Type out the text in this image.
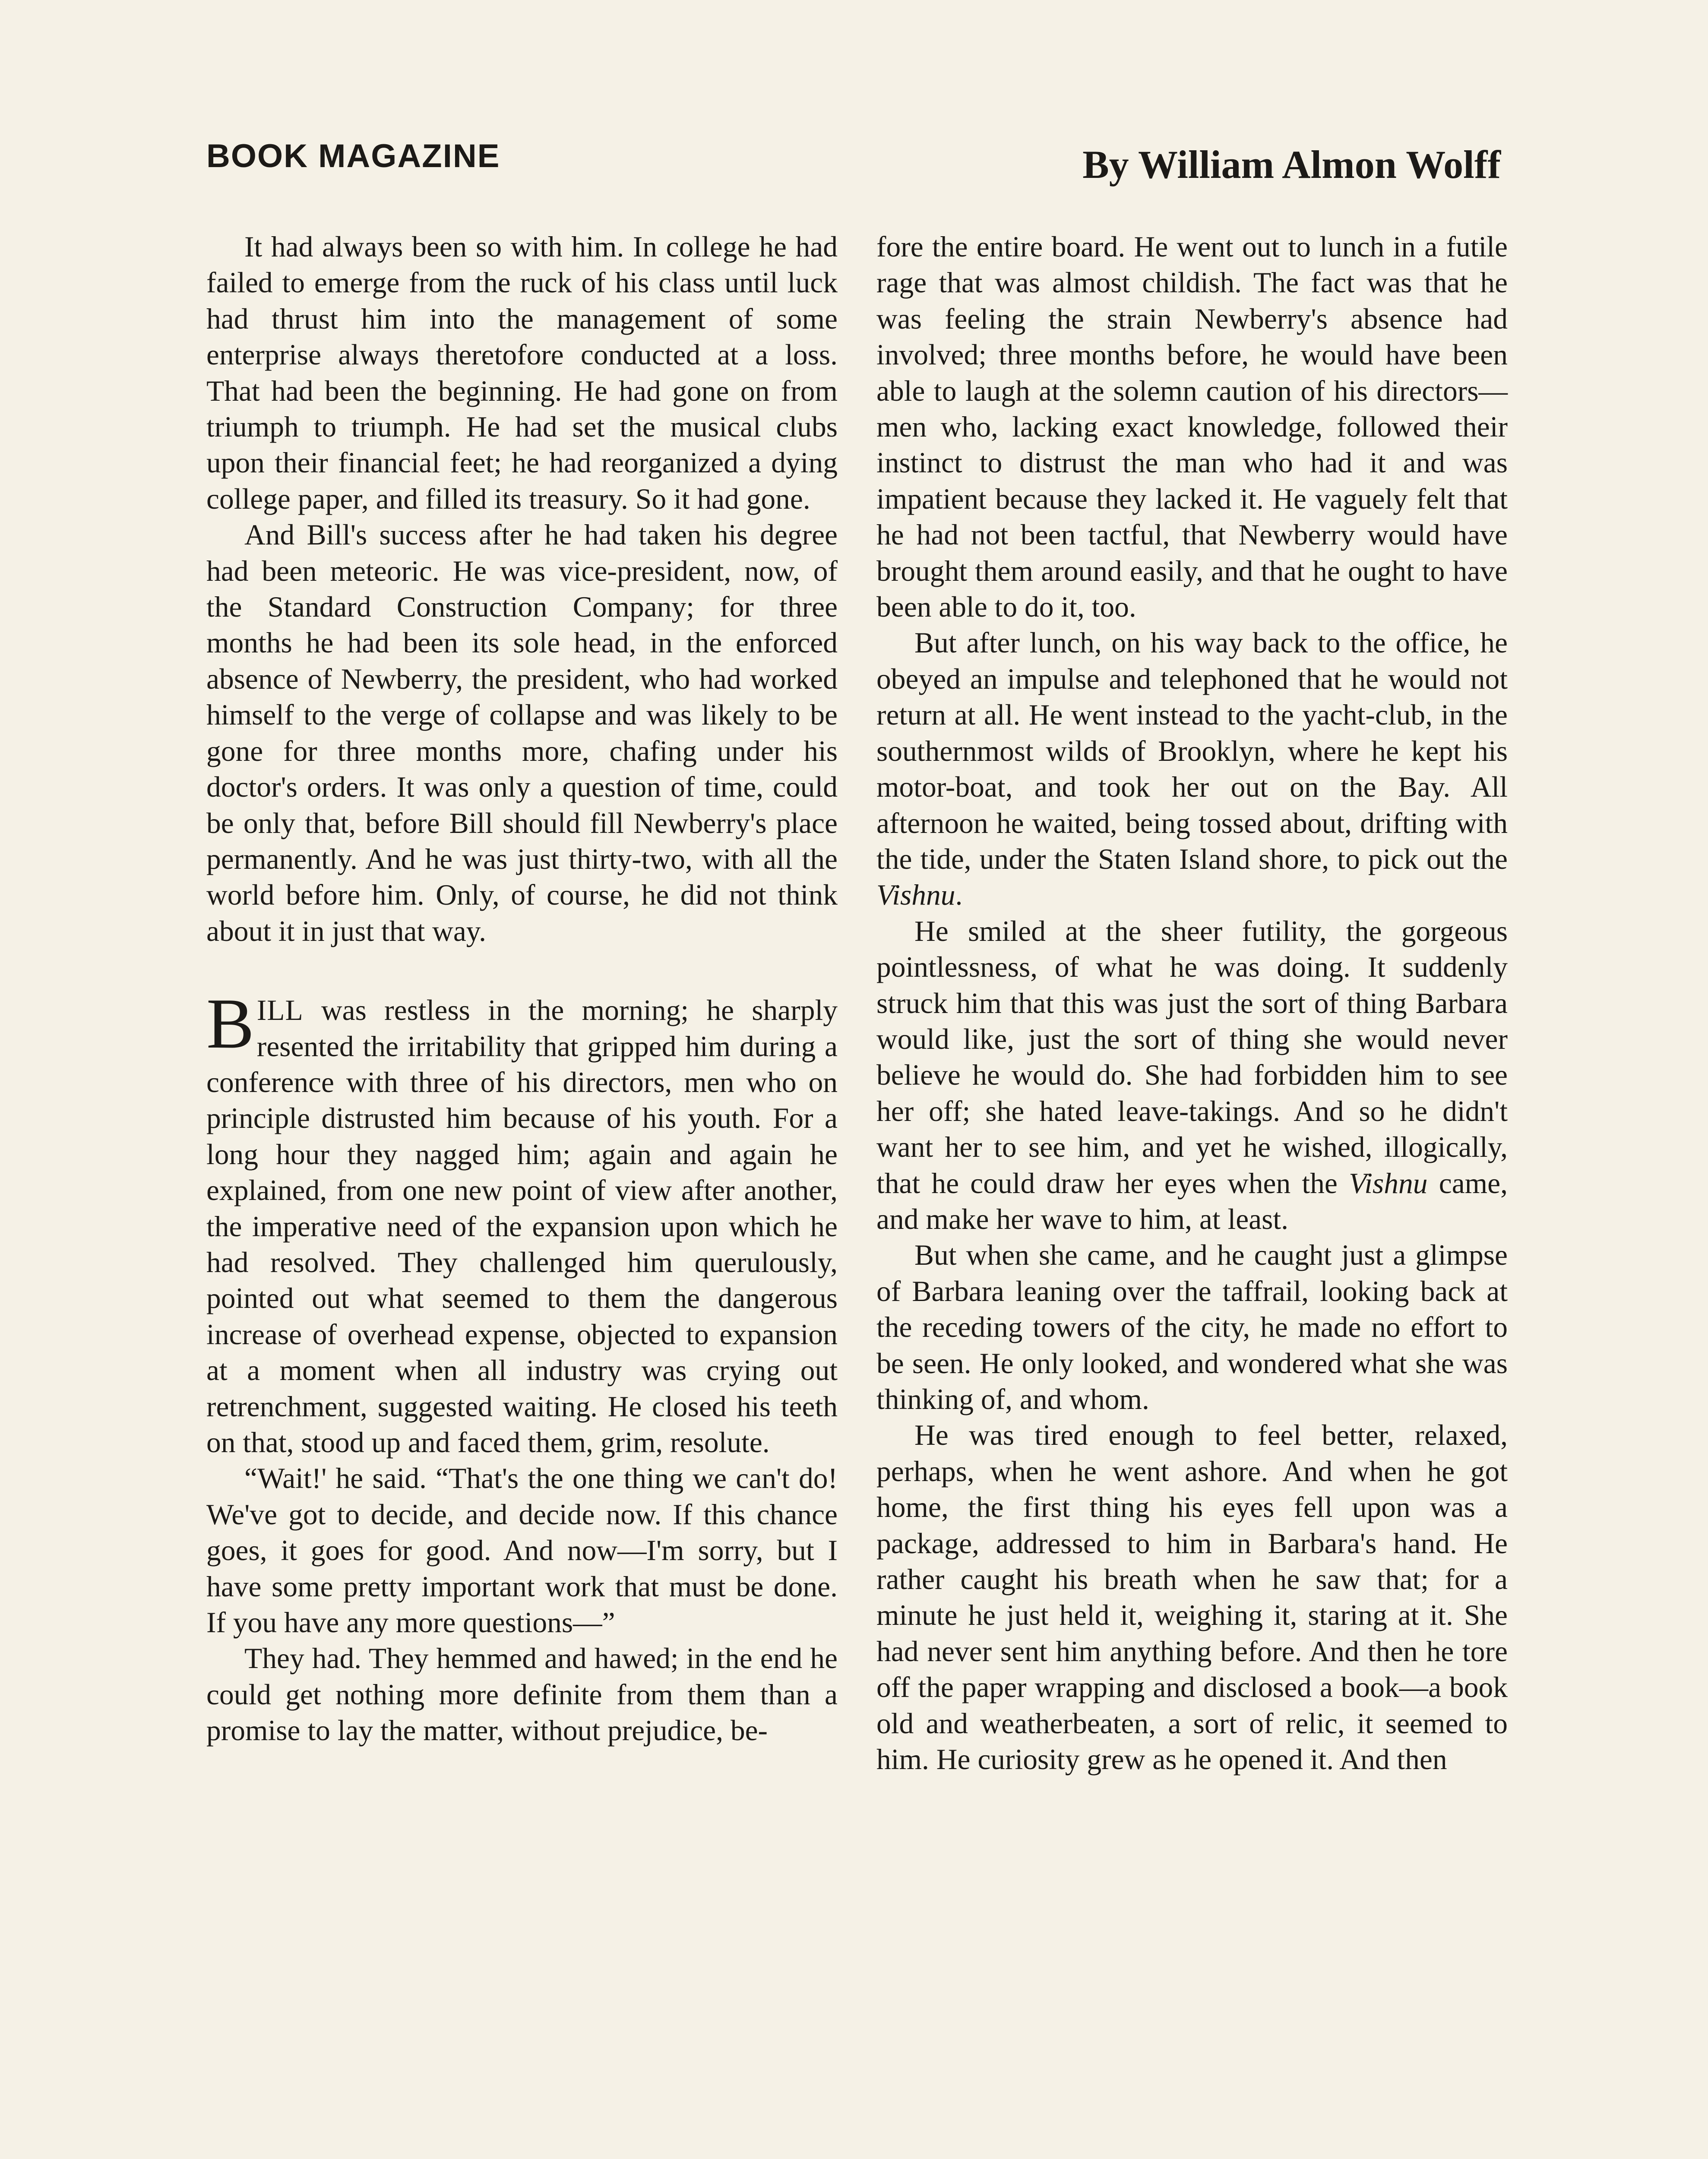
BOOK MAGAZINE	By William Almon Wolff

It had always been so with him. In college he had failed to emerge from the ruck of his class until luck had thrust him into the management of some enterprise always theretofore conducted at a loss. That had been the beginning. He had gone on from triumph to triumph. He had set the musical clubs upon their financial feet; he had reorganized a dying college paper, and filled its treasury. So it had gone.

And Bill's success after he had taken his degree had been meteoric. He was vice-president, now, of the Standard Construction Company; for three months he had been its sole head, in the enforced absence of Newberry, the president, who had worked himself to the verge of collapse and was likely to be gone for three months more, chafing under his doctor's orders. It was only a question of time, could be only that, before Bill should fill Newberry's place permanently. And he was just thirty-two, with all the world before him. Only, of course, he did not think about it in just that way.

BILL was restless in the morning; he sharply resented the irritability that gripped him during a conference with three of his directors, men who on principle distrusted him because of his youth. For a long hour they nagged him; again and again he explained, from one new point of view after another, the imperative need of the expansion upon which he had resolved. They challenged him querulously, pointed out what seemed to them the dangerous increase of overhead expense, objected to expansion at a moment when all industry was crying out retrenchment, suggested waiting. He closed his teeth on that, stood up and faced them, grim, resolute.

“Wait!' he said. “That's the one thing we can't do! We've got to decide, and decide now. If this chance goes, it goes for good. And now—I'm sorry, but I have some pretty important work that must be done. If you have any more questions—”

They had. They hemmed and hawed; in the end he could get nothing more definite from them than a promise to lay the matter, without prejudice, be-

fore the entire board. He went out to lunch in a futile rage that was almost childish. The fact was that he was feeling the strain Newberry's absence had involved; three months before, he would have been able to laugh at the solemn caution of his directors—men who, lacking exact knowledge, followed their instinct to distrust the man who had it and was impatient because they lacked it. He vaguely felt that he had not been tactful, that Newberry would have brought them around easily, and that he ought to have been able to do it, too.

But after lunch, on his way back to the office, he obeyed an impulse and telephoned that he would not return at all. He went instead to the yacht-club, in the southernmost wilds of Brooklyn, where he kept his motor-boat, and took her out on the Bay. All afternoon he waited, being tossed about, drifting with the tide, under the Staten Island shore, to pick out the Vishnu.

He smiled at the sheer futility, the gorgeous pointlessness, of what he was doing. It suddenly struck him that this was just the sort of thing Barbara would like, just the sort of thing she would never believe he would do. She had forbidden him to see her off; she hated leave-takings. And so he didn't want her to see him, and yet he wished, illogically, that he could draw her eyes when the Vishnu came, and make her wave to him, at least.

But when she came, and he caught just a glimpse of Barbara leaning over the taffrail, looking back at the receding towers of the city, he made no effort to be seen. He only looked, and wondered what she was thinking of, and whom.

He was tired enough to feel better, relaxed, perhaps, when he went ashore. And when he got home, the first thing his eyes fell upon was a package, addressed to him in Barbara's hand. He rather caught his breath when he saw that; for a minute he just held it, weighing it, staring at it. She had never sent him anything before. And then he tore off the paper wrapping and disclosed a book—a book old and weatherbeaten, a sort of relic, it seemed to him. He curiosity grew as he opened it. And then
